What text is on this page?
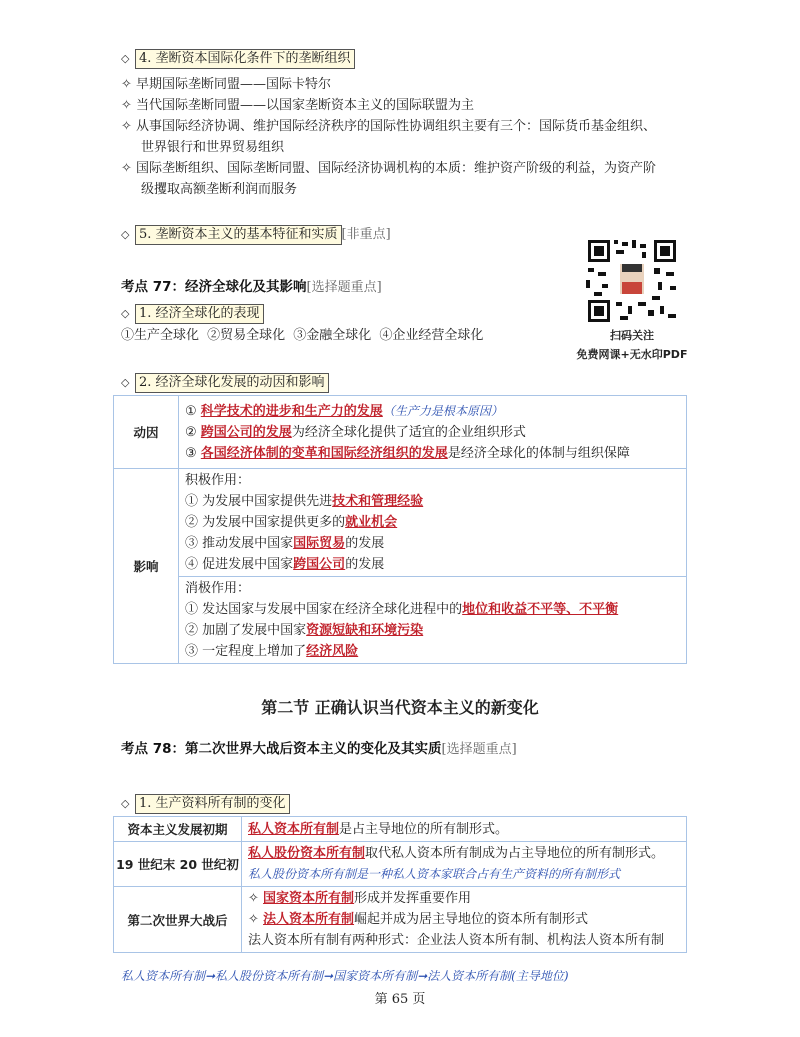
◇ 4. 垄断资本国际化条件下的垄断组织
✧ 早期国际垄断同盟——国际卡特尔
✧ 当代国际垄断同盟——以国家垄断资本主义的国际联盟为主
✧ 从事国际经济协调、维护国际经济秩序的国际性协调组织主要有三个：国际货币基金组织、
世界银行和世界贸易组织
✧ 国际垄断组织、国际垄断同盟、国际经济协调机构的本质：维护资产阶级的利益，为资产阶
级攫取高额垄断利润而服务
◇ 5. 垄断资本主义的基本特征和实质 [非重点]
扫码关注
免费网课+无水印PDF
考点 77：经济全球化及其影响[选择题重点]
◇ 1. 经济全球化的表现
①生产全球化 ②贸易全球化 ③金融全球化 ④企业经营全球化
◇ 2. 经济全球化发展的动因和影响
动因	① 科学技术的进步和生产力的发展（生产力是根本原因）
② 跨国公司的发展为经济全球化提供了适宜的企业组织形式
③ 各国经济体制的变革和国际经济组织的发展是经济全球化的体制与组织保障

影响	积极作用：
① 为发展中国家提供先进技术和管理经验
② 为发展中国家提供更多的就业机会
③ 推动发展中国家国际贸易的发展
④ 促进发展中国家跨国公司的发展

	消极作用：
① 发达国家与发展中国家在经济全球化进程中的地位和收益不平等、不平衡
② 加剧了发展中国家资源短缺和环境污染
③ 一定程度上增加了经济风险
第二节 正确认识当代资本主义的新变化
考点 78：第二次世界大战后资本主义的变化及其实质[选择题重点]
◇ 1. 生产资料所有制的变化
资本主义发展初期	私人资本所有制是占主导地位的所有制形式。

19 世纪末 20 世纪初	私人股份资本所有制取代私人资本所有制成为占主导地位的所有制形式。
私人股份资本所有制是一种私人资本家联合占有生产资料的所有制形式

第二次世界大战后	✧ 国家资本所有制形成并发挥重要作用
✧ 法人资本所有制崛起并成为居主导地位的资本所有制形式
法人资本所有制有两种形式：企业法人资本所有制、机构法人资本所有制
私人资本所有制➞私人股份资本所有制➞国家资本所有制➞法人资本所有制(主导地位)
第 65 页
